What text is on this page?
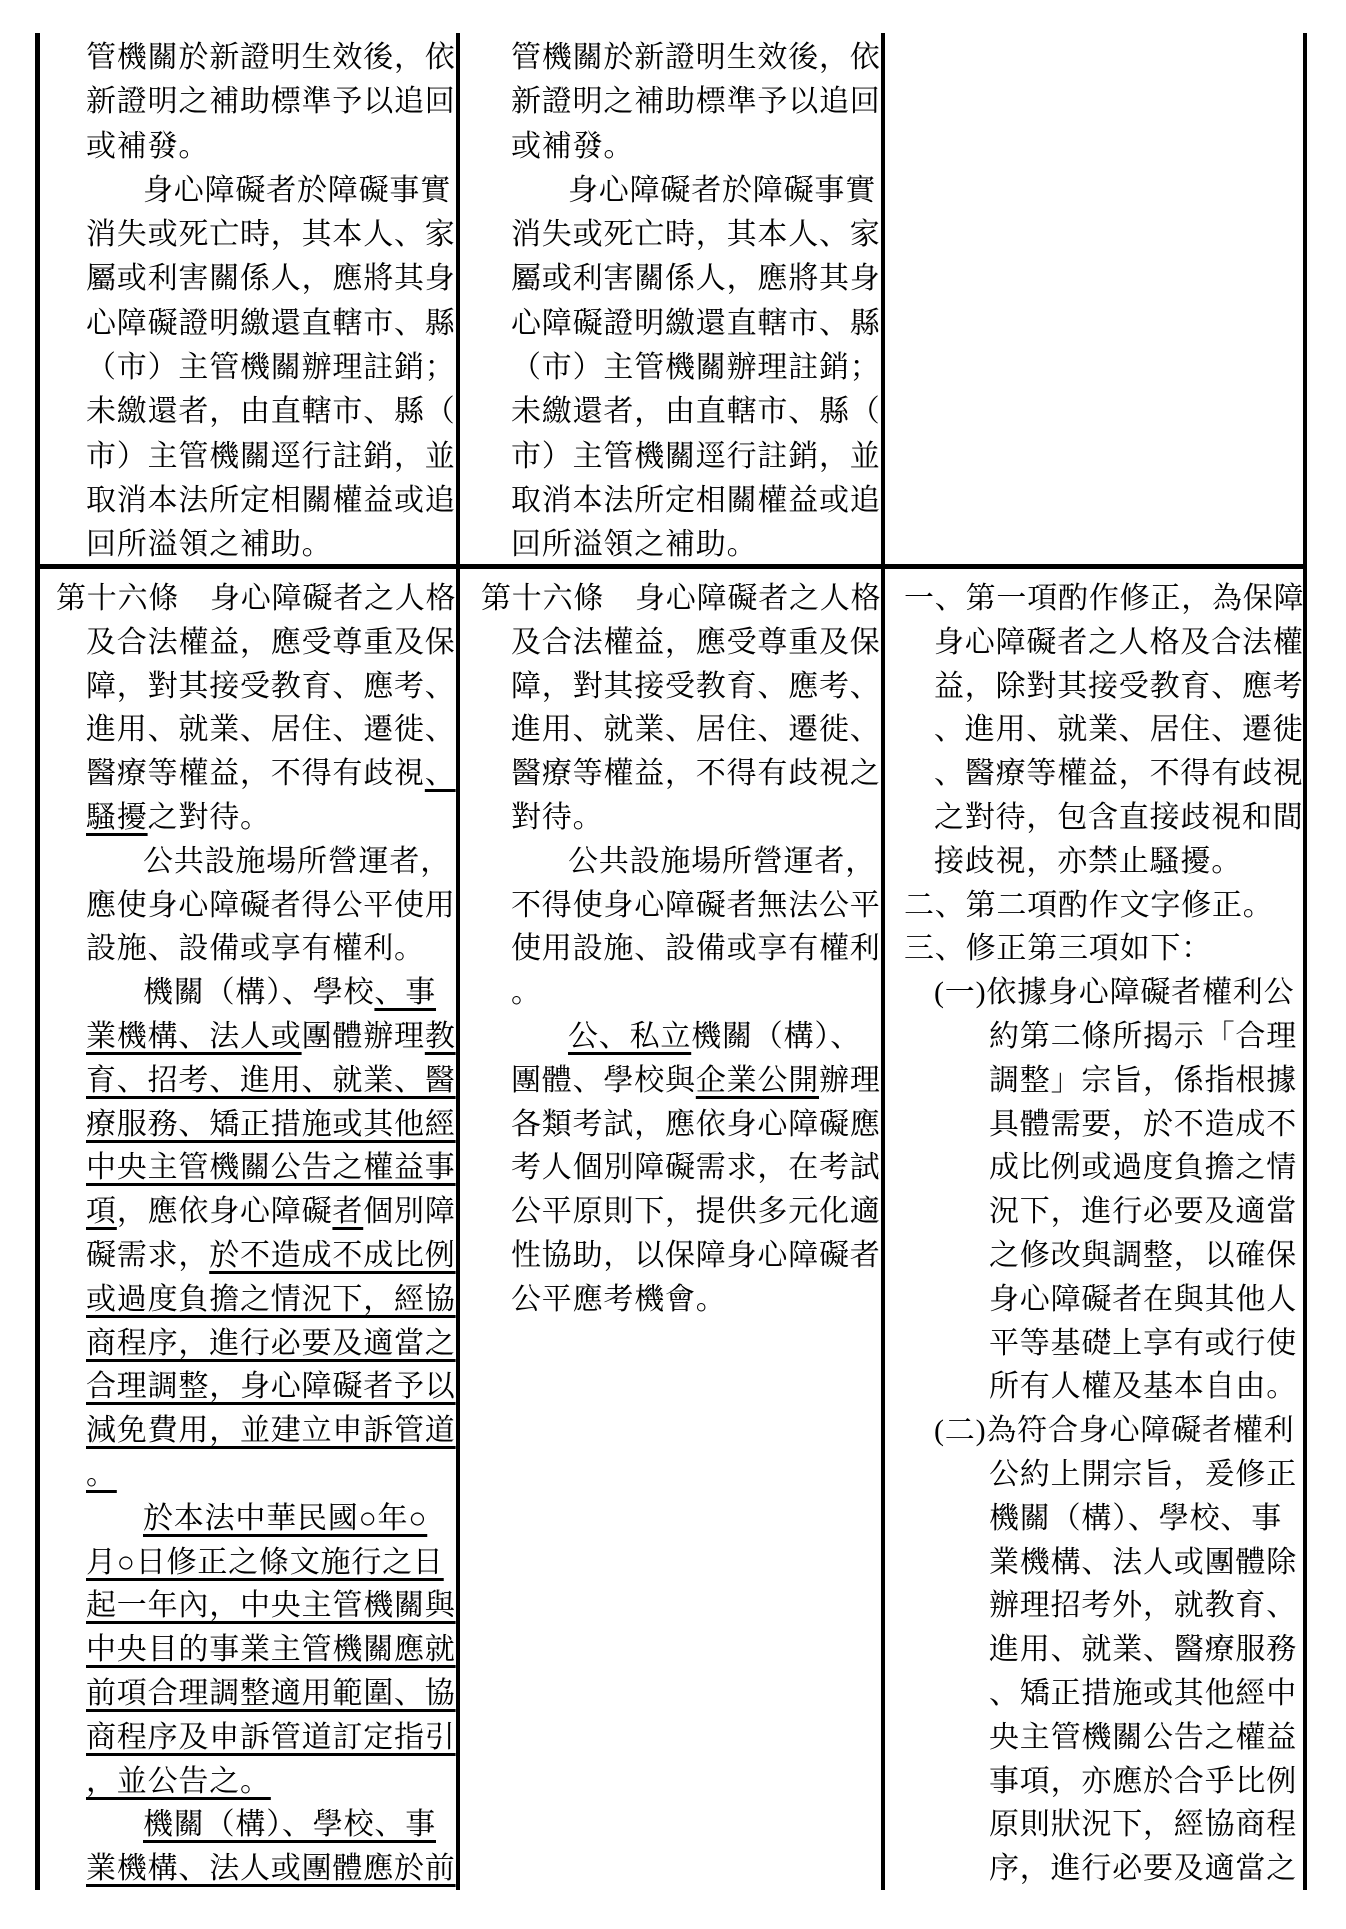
管機關於新證明生效後，依
新證明之補助標準予以追回
或補發。
身心障礙者於障礙事實
消失或死亡時，其本人、家
屬或利害關係人，應將其身
心障礙證明繳還直轄市、縣
（市）主管機關辦理註銷；
未繳還者，由直轄市、縣（
市）主管機關逕行註銷，並
取消本法所定相關權益或追
回所溢領之補助。
管機關於新證明生效後，依
新證明之補助標準予以追回
或補發。
身心障礙者於障礙事實
消失或死亡時，其本人、家
屬或利害關係人，應將其身
心障礙證明繳還直轄市、縣
（市）主管機關辦理註銷；
未繳還者，由直轄市、縣（
市）主管機關逕行註銷，並
取消本法所定相關權益或追
回所溢領之補助。
第十六條　身心障礙者之人格
及合法權益，應受尊重及保
障，對其接受教育、應考、
進用、就業、居住、遷徙、
醫療等權益，不得有歧視、
騷擾之對待。
公共設施場所營運者，
應使身心障礙者得公平使用
設施、設備或享有權利。
機關（構）、學校、事
業機構、法人或團體辦理教
育、招考、進用、就業、醫
療服務、矯正措施或其他經
中央主管機關公告之權益事
項，應依身心障礙者個別障
礙需求，於不造成不成比例
或過度負擔之情況下，經協
商程序，進行必要及適當之
合理調整，身心障礙者予以
減免費用，並建立申訴管道
。
於本法中華民國○年○
月○日修正之條文施行之日
起一年內，中央主管機關與
中央目的事業主管機關應就
前項合理調整適用範圍、協
商程序及申訴管道訂定指引
，並公告之。
機關（構）、學校、事
業機構、法人或團體應於前
第十六條　身心障礙者之人格
及合法權益，應受尊重及保
障，對其接受教育、應考、
進用、就業、居住、遷徙、
醫療等權益，不得有歧視之
對待。
公共設施場所營運者，
不得使身心障礙者無法公平
使用設施、設備或享有權利
。
公、私立機關（構）、
團體、學校與企業公開辦理
各類考試，應依身心障礙應
考人個別障礙需求，在考試
公平原則下，提供多元化適
性協助，以保障身心障礙者
公平應考機會。
一、第一項酌作修正，為保障
身心障礙者之人格及合法權
益，除對其接受教育、應考
、進用、就業、居住、遷徙
、醫療等權益，不得有歧視
之對待，包含直接歧視和間
接歧視，亦禁止騷擾。
二、第二項酌作文字修正。
三、修正第三項如下：
(一)依據身心障礙者權利公
約第二條所揭示「合理
調整」宗旨，係指根據
具體需要，於不造成不
成比例或過度負擔之情
況下，進行必要及適當
之修改與調整，以確保
身心障礙者在與其他人
平等基礎上享有或行使
所有人權及基本自由。
(二)為符合身心障礙者權利
公約上開宗旨，爰修正
機關（構）、學校、事
業機構、法人或團體除
辦理招考外，就教育、
進用、就業、醫療服務
、矯正措施或其他經中
央主管機關公告之權益
事項，亦應於合乎比例
原則狀況下，經協商程
序，進行必要及適當之
